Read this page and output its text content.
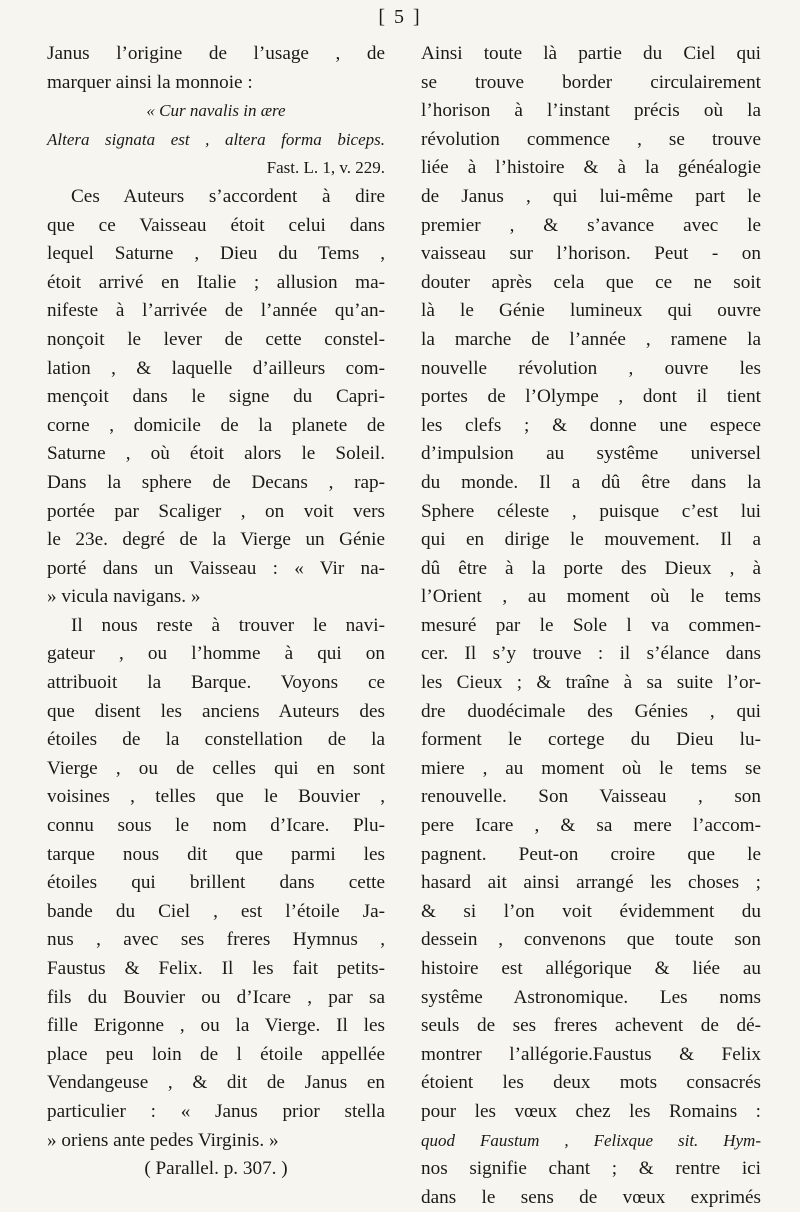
[ 5 ]
Janus l’origine de l’usage , de
marquer ainsi la monnoie :
« Cur navalis in ære
Altera signata est , altera forma biceps.
Fast. L. 1, v. 229.
Ces Auteurs s’accordent à dire
que ce Vaisseau étoit celui dans
lequel Saturne , Dieu du Tems ,
étoit arrivé en Italie ; allusion ma-
nifeste à l’arrivée de l’année qu’an-
nonçoit le lever de cette constel-
lation , & laquelle d’ailleurs com-
mençoit dans le signe du Capri-
corne , domicile de la planete de
Saturne , où étoit alors le Soleil.
Dans la sphere de Decans , rap-
portée par Scaliger , on voit vers
le 23e. degré de la Vierge un Génie
porté dans un Vaisseau : « Vir na-
» vicula navigans. »
Il nous reste à trouver le navi-
gateur , ou l’homme à qui on
attribuoit la Barque. Voyons ce
que disent les anciens Auteurs des
étoiles de la constellation de la
Vierge , ou de celles qui en sont
voisines , telles que le Bouvier ,
connu sous le nom d’Icare. Plu-
tarque nous dit que parmi les
étoiles qui brillent dans cette
bande du Ciel , est l’étoile Ja-
nus , avec ses freres Hymnus ,
Faustus & Felix. Il les fait petits-
fils du Bouvier ou d’Icare , par sa
fille Erigonne , ou la Vierge. Il les
place peu loin de l étoile appellée
Vendangeuse , & dit de Janus en
particulier : « Janus prior stella
» oriens ante pedes Virginis. »
( Parallel. p. 307. )
Ainsi toute là partie du Ciel qui
se trouve border circulairement
l’horison à l’instant précis où la
révolution commence , se trouve
liée à l’histoire & à la généalogie
de Janus , qui lui-même part le
premier , & s’avance avec le
vaisseau sur l’horison. Peut - on
douter après cela que ce ne soit
là le Génie lumineux qui ouvre
la marche de l’année , ramene la
nouvelle révolution , ouvre les
portes de l’Olympe , dont il tient
les clefs ; & donne une espece
d’impulsion au systême universel
du monde. Il a dû être dans la
Sphere céleste , puisque c’est lui
qui en dirige le mouvement. Il a
dû être à la porte des Dieux , à
l’Orient , au moment où le tems
mesuré par le Sole l va commen-
cer. Il s’y trouve : il s’élance dans
les Cieux ; & traîne à sa suite l’or-
dre duodécimale des Génies , qui
forment le cortege du Dieu lu-
miere , au moment où le tems se
renouvelle. Son Vaisseau , son
pere Icare , & sa mere l’accom-
pagnent. Peut-on croire que le
hasard ait ainsi arrangé les choses ;
& si l’on voit évidemment du
dessein , convenons que toute son
histoire est allégorique & liée au
systême Astronomique. Les noms
seuls de ses freres achevent de dé-
montrer l’allégorie.Faustus & Felix
étoient les deux mots consacrés
pour les vœux chez les Romains :
quod Faustum , Felixque sit. Hym-
nos signifie chant ; & rentre ici
dans le sens de vœux exprimés
